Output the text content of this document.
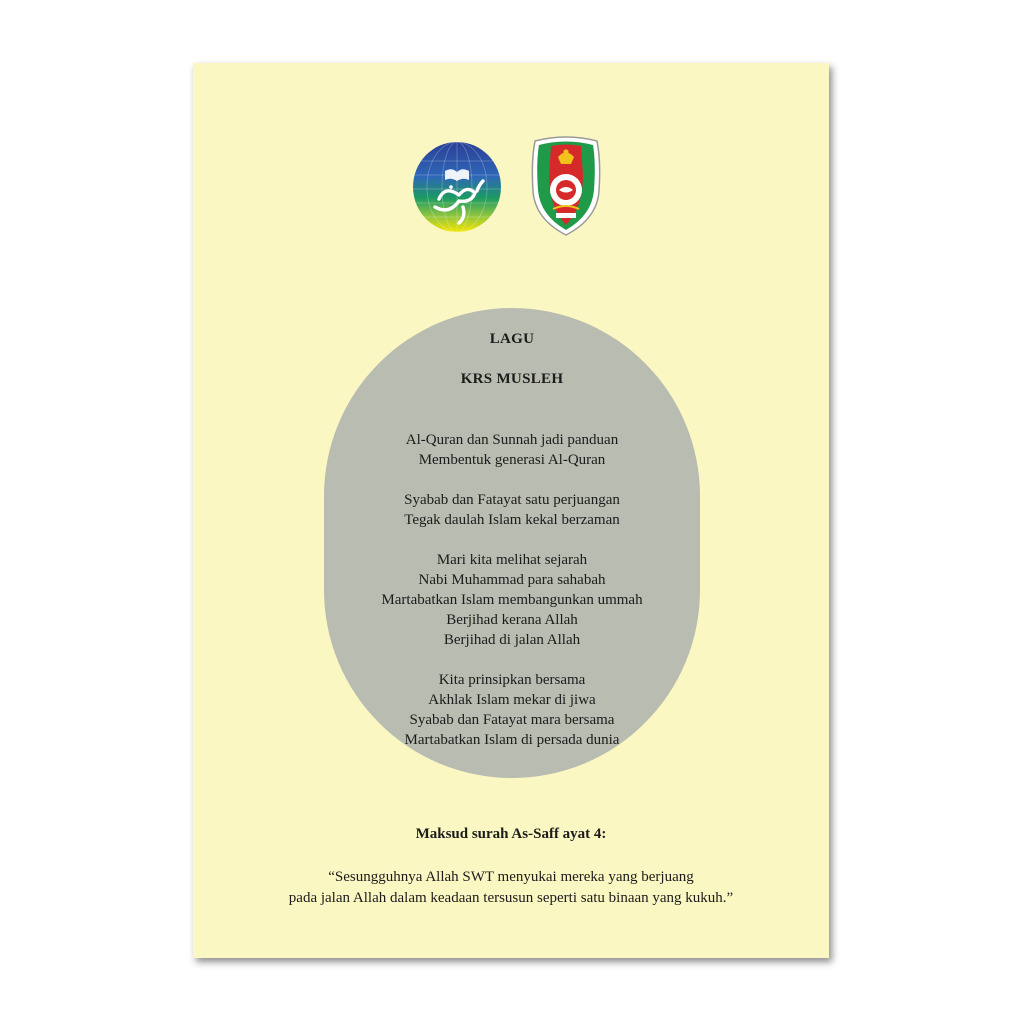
LAGU
KRS MUSLEH
Al-Quran dan Sunnah jadi panduan
Membentuk generasi Al-Quran
Syabab dan Fatayat satu perjuangan
Tegak daulah Islam kekal berzaman
Mari kita melihat sejarah
Nabi Muhammad para sahabah
Martabatkan Islam membangunkan ummah
Berjihad kerana Allah
Berjihad di jalan Allah
Kita prinsipkan bersama
Akhlak Islam mekar di jiwa
Syabab dan Fatayat mara bersama
Martabatkan Islam di persada dunia
Maksud surah As-Saff ayat 4:
“Sesungguhnya Allah SWT menyukai mereka yang berjuang
pada jalan Allah dalam keadaan tersusun seperti satu binaan yang kukuh.”
